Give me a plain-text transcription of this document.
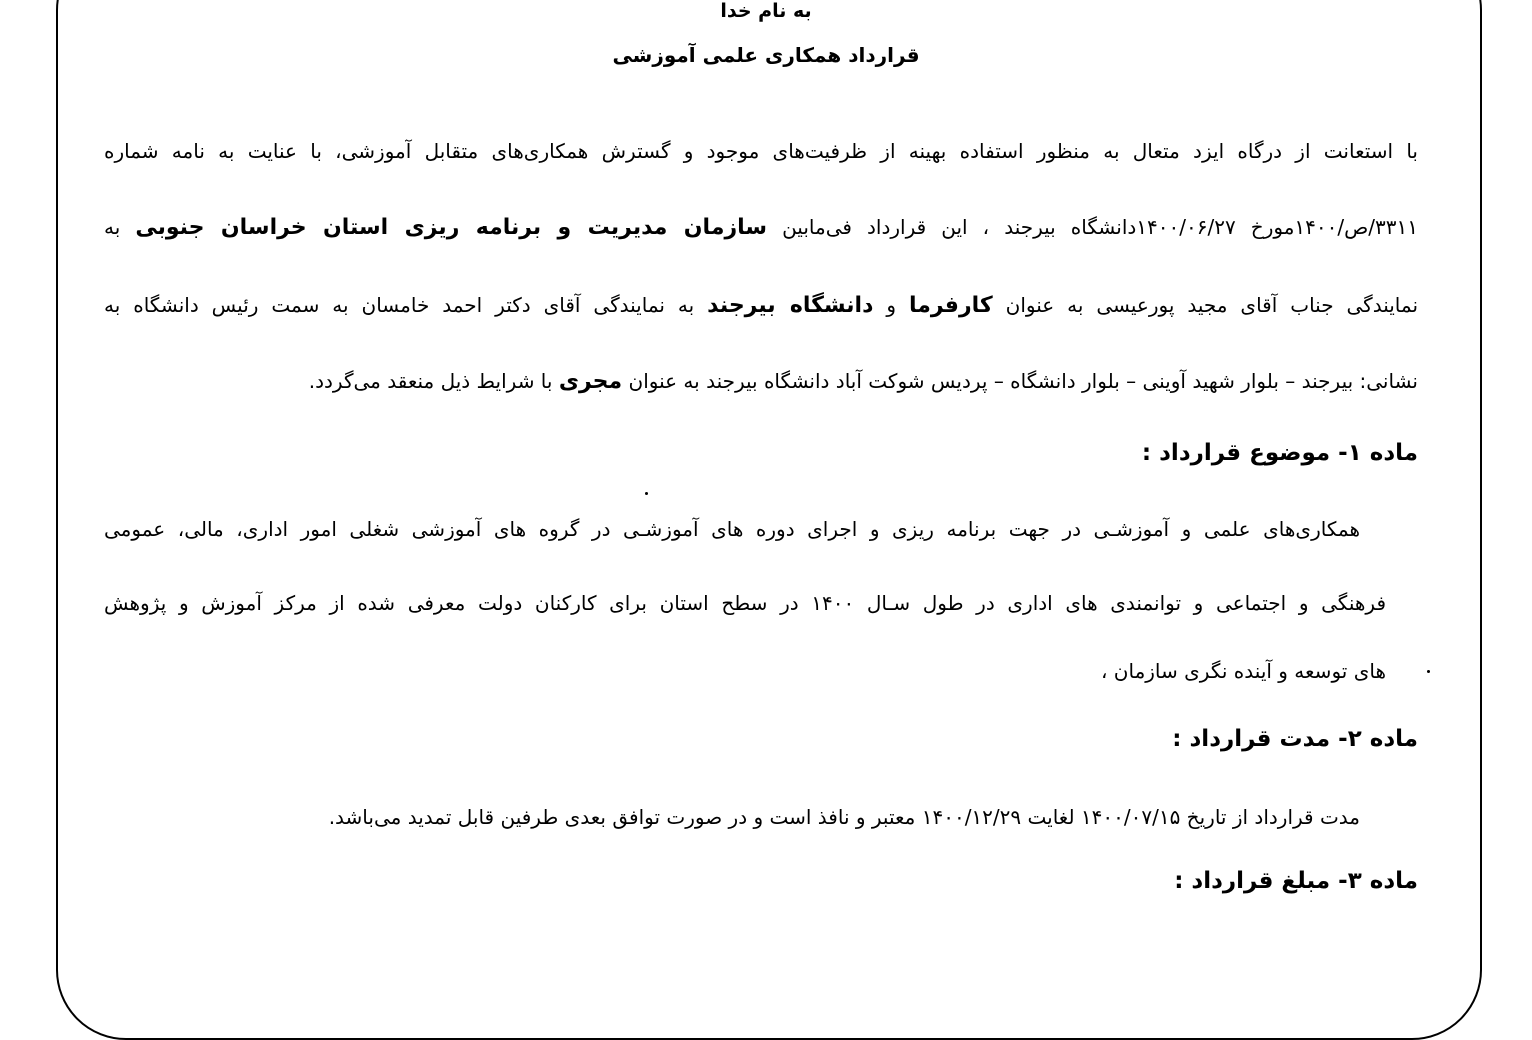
به نام خدا
قرارداد همکاری علمی آموزشی
با استعانت از درگاه ایزد متعال به منظور استفاده بهینه از ظرفیت‌های موجود و گسترش همکاری‌های متقابل آموزشی، با عنایت به نامه شماره
۳۳۱۱/ص/۱۴۰۰مورخ ۱۴۰۰/۰۶/۲۷دانشگاه بیرجند ، این قرارداد فی‌مابین سازمان مدیریت و برنامه ریزی استان خراسان جنوبی به
نمایندگی جناب آقای مجید پورعیسی به عنوان کارفرما و دانشگاه بیرجند به نمایندگی آقای دکتر احمد خامسان به سمت رئیس دانشگاه به
نشانی: بیرجند – بلوار شهید آوینی – بلوار دانشگاه – پردیس شوکت آباد دانشگاه بیرجند به عنوان مجری با شرایط ذیل منعقد می‌گردد.
ماده ۱- موضوع قرارداد :
همکاری‌های علمی و آموزشـی در جهت برنامه ریزی و اجرای دوره های آموزشـی در گروه های آموزشی شغلی امور اداری، مالی، عمومی
فرهنگی و اجتماعی و توانمندی های اداری در طول سـال ۱۴۰۰ در سطح استان برای کارکنان دولت معرفی شده از مرکز آموزش و پژوهش
های توسعه و آینده نگری سازمان ،
ماده ۲- مدت قرارداد :
مدت قرارداد از تاریخ ۱۴۰۰/۰۷/۱۵ لغایت ۱۴۰۰/۱۲/۲۹ معتبر و نافذ است و در صورت توافق بعدی طرفین قابل تمدید می‌باشد.
ماده ۳- مبلغ قرارداد :
